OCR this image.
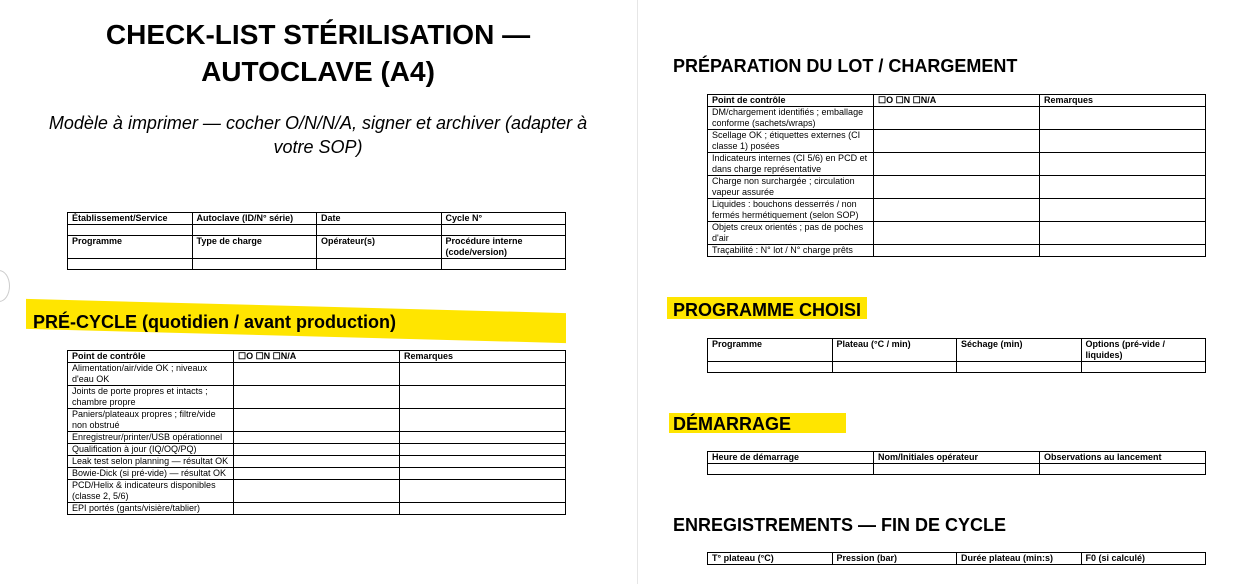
CHECK-LIST STÉRILISATION —
AUTOCLAVE (A4)
Modèle à imprimer — cocher O/N/N/A, signer et archiver (adapter à
votre SOP)
Établissement/Service	Autoclave (ID/N° série)	Date	Cycle N°

Programme	Type de charge	Opérateur(s)	Procédure interne (code/version)

PRÉ-CYCLE (quotidien / avant production)
Point de contrôle	☐O ☐N ☐N/A	Remarques
Alimentation/air/vide OK ; niveaux d'eau OK		
Joints de porte propres et intacts ; chambre propre		
Paniers/plateaux propres ; filtre/vide non obstrué		
Enregistreur/printer/USB opérationnel		
Qualification à jour (IQ/OQ/PQ)		
Leak test selon planning — résultat OK		
Bowie-Dick (si pré-vide) — résultat OK		
PCD/Helix & indicateurs disponibles (classe 2, 5/6)		
EPI portés (gants/visière/tablier)		
PRÉPARATION DU LOT / CHARGEMENT
Point de contrôle	☐O ☐N ☐N/A	Remarques
DM/chargement identifiés ; emballage conforme (sachets/wraps)		
Scellage OK ; étiquettes externes (CI classe 1) posées		
Indicateurs internes (CI 5/6) en PCD et dans charge représentative		
Charge non surchargée ; circulation vapeur assurée		
Liquides : bouchons desserrés / non fermés hermétiquement (selon SOP)		
Objets creux orientés ; pas de poches d'air		
Traçabilité : N° lot / N° charge prêts		
PROGRAMME CHOISI
Programme	Plateau (°C / min)	Séchage (min)	Options (pré-vide / liquides)

DÉMARRAGE
Heure de démarrage	Nom/Initiales opérateur	Observations au lancement

ENREGISTREMENTS — FIN DE CYCLE
T° plateau (°C)	Pression (bar)	Durée plateau (min:s)	F0 (si calculé)
